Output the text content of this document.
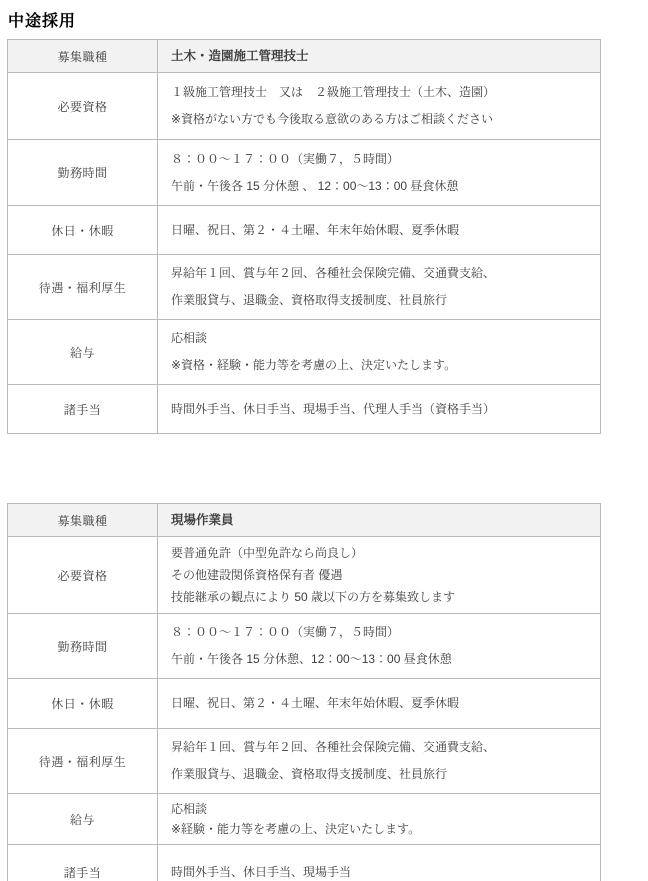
中途採用
募集職種	土木・造園施工管理技士

必要資格	１級施工管理技士　又は　２級施工管理技士（土木、造園）
※資格がない方でも今後取る意欲のある方はご相談ください

勤務時間	８：００～１７：００（実働７，５時間）
午前・午後各 15 分休憩 、 12：00～13：00 昼食休憩

休日・休暇	日曜、祝日、第２・４土曜、年末年始休暇、夏季休暇

待遇・福利厚生	昇給年１回、賞与年２回、各種社会保険完備、交通費支給、
作業服貸与、退職金、資格取得支援制度、社員旅行

給与	応相談
※資格・経験・能力等を考慮の上、決定いたします。

諸手当	時間外手当、休日手当、現場手当、代理人手当（資格手当）
募集職種	現場作業員

必要資格	要普通免許（中型免許なら尚良し）
その他建設関係資格保有者 優遇
技能継承の観点により 50 歳以下の方を募集致します

勤務時間	８：００～１７：００（実働７，５時間）
午前・午後各 15 分休憩、12：00～13：00 昼食休憩

休日・休暇	日曜、祝日、第２・４土曜、年末年始休暇、夏季休暇

待遇・福利厚生	昇給年１回、賞与年２回、各種社会保険完備、交通費支給、
作業服貸与、退職金、資格取得支援制度、社員旅行

給与	応相談
※経験・能力等を考慮の上、決定いたします。

諸手当	時間外手当、休日手当、現場手当
